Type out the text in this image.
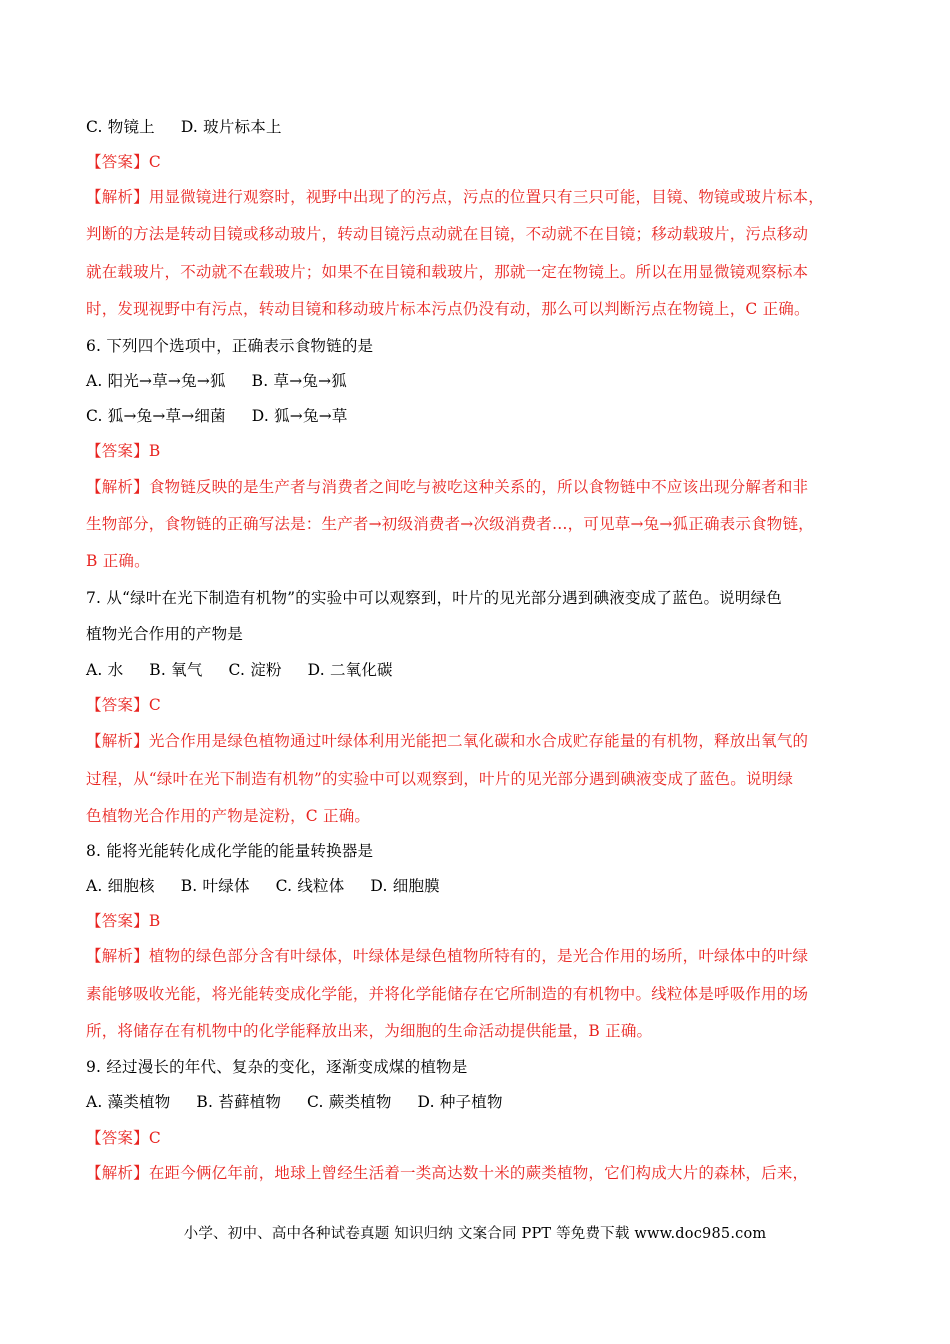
C. 物镜上 　 D. 玻片标本上
【答案】C
【解析】用显微镜进行观察时，视野中出现了的污点，污点的位置只有三只可能，目镜、物镜或玻片标本，
判断的方法是转动目镜或移动玻片，转动目镜污点动就在目镜，不动就不在目镜；移动载玻片，污点移动
就在载玻片，不动就不在载玻片；如果不在目镜和载玻片，那就一定在物镜上。所以在用显微镜观察标本
时，发现视野中有污点，转动目镜和移动玻片标本污点仍没有动，那么可以判断污点在物镜上，C 正确。
6. 下列四个选项中，正确表示食物链的是
A. 阳光→草→兔→狐 　 B. 草→兔→狐
C. 狐→兔→草→细菌 　 D. 狐→兔→草
【答案】B
【解析】食物链反映的是生产者与消费者之间吃与被吃这种关系的，所以食物链中不应该出现分解者和非
生物部分，食物链的正确写法是：生产者→初级消费者→次级消费者…，可见草→兔→狐正确表示食物链，
B 正确。
7. 从“绿叶在光下制造有机物”的实验中可以观察到，叶片的见光部分遇到碘液变成了蓝色。说明绿色
植物光合作用的产物是
A. 水 　 B. 氧气 　 C. 淀粉 　 D. 二氧化碳
【答案】C
【解析】光合作用是绿色植物通过叶绿体利用光能把二氧化碳和水合成贮存能量的有机物，释放出氧气的
过程，从“绿叶在光下制造有机物”的实验中可以观察到，叶片的见光部分遇到碘液变成了蓝色。说明绿
色植物光合作用的产物是淀粉，C 正确。
8. 能将光能转化成化学能的能量转换器是
A. 细胞核 　 B. 叶绿体 　 C. 线粒体 　 D. 细胞膜
【答案】B
【解析】植物的绿色部分含有叶绿体，叶绿体是绿色植物所特有的，是光合作用的场所，叶绿体中的叶绿
素能够吸收光能，将光能转变成化学能，并将化学能储存在它所制造的有机物中。线粒体是呼吸作用的场
所，将储存在有机物中的化学能释放出来，为细胞的生命活动提供能量，B 正确。
9. 经过漫长的年代、复杂的变化，逐渐变成煤的植物是
A. 藻类植物 　 B. 苔藓植物 　 C. 蕨类植物 　 D. 种子植物
【答案】C
【解析】在距今俩亿年前，地球上曾经生活着一类高达数十米的蕨类植物，它们构成大片的森林，后来，
小学、初中、高中各种试卷真题 知识归纳 文案合同 PPT 等免费下载 www.doc985.com
